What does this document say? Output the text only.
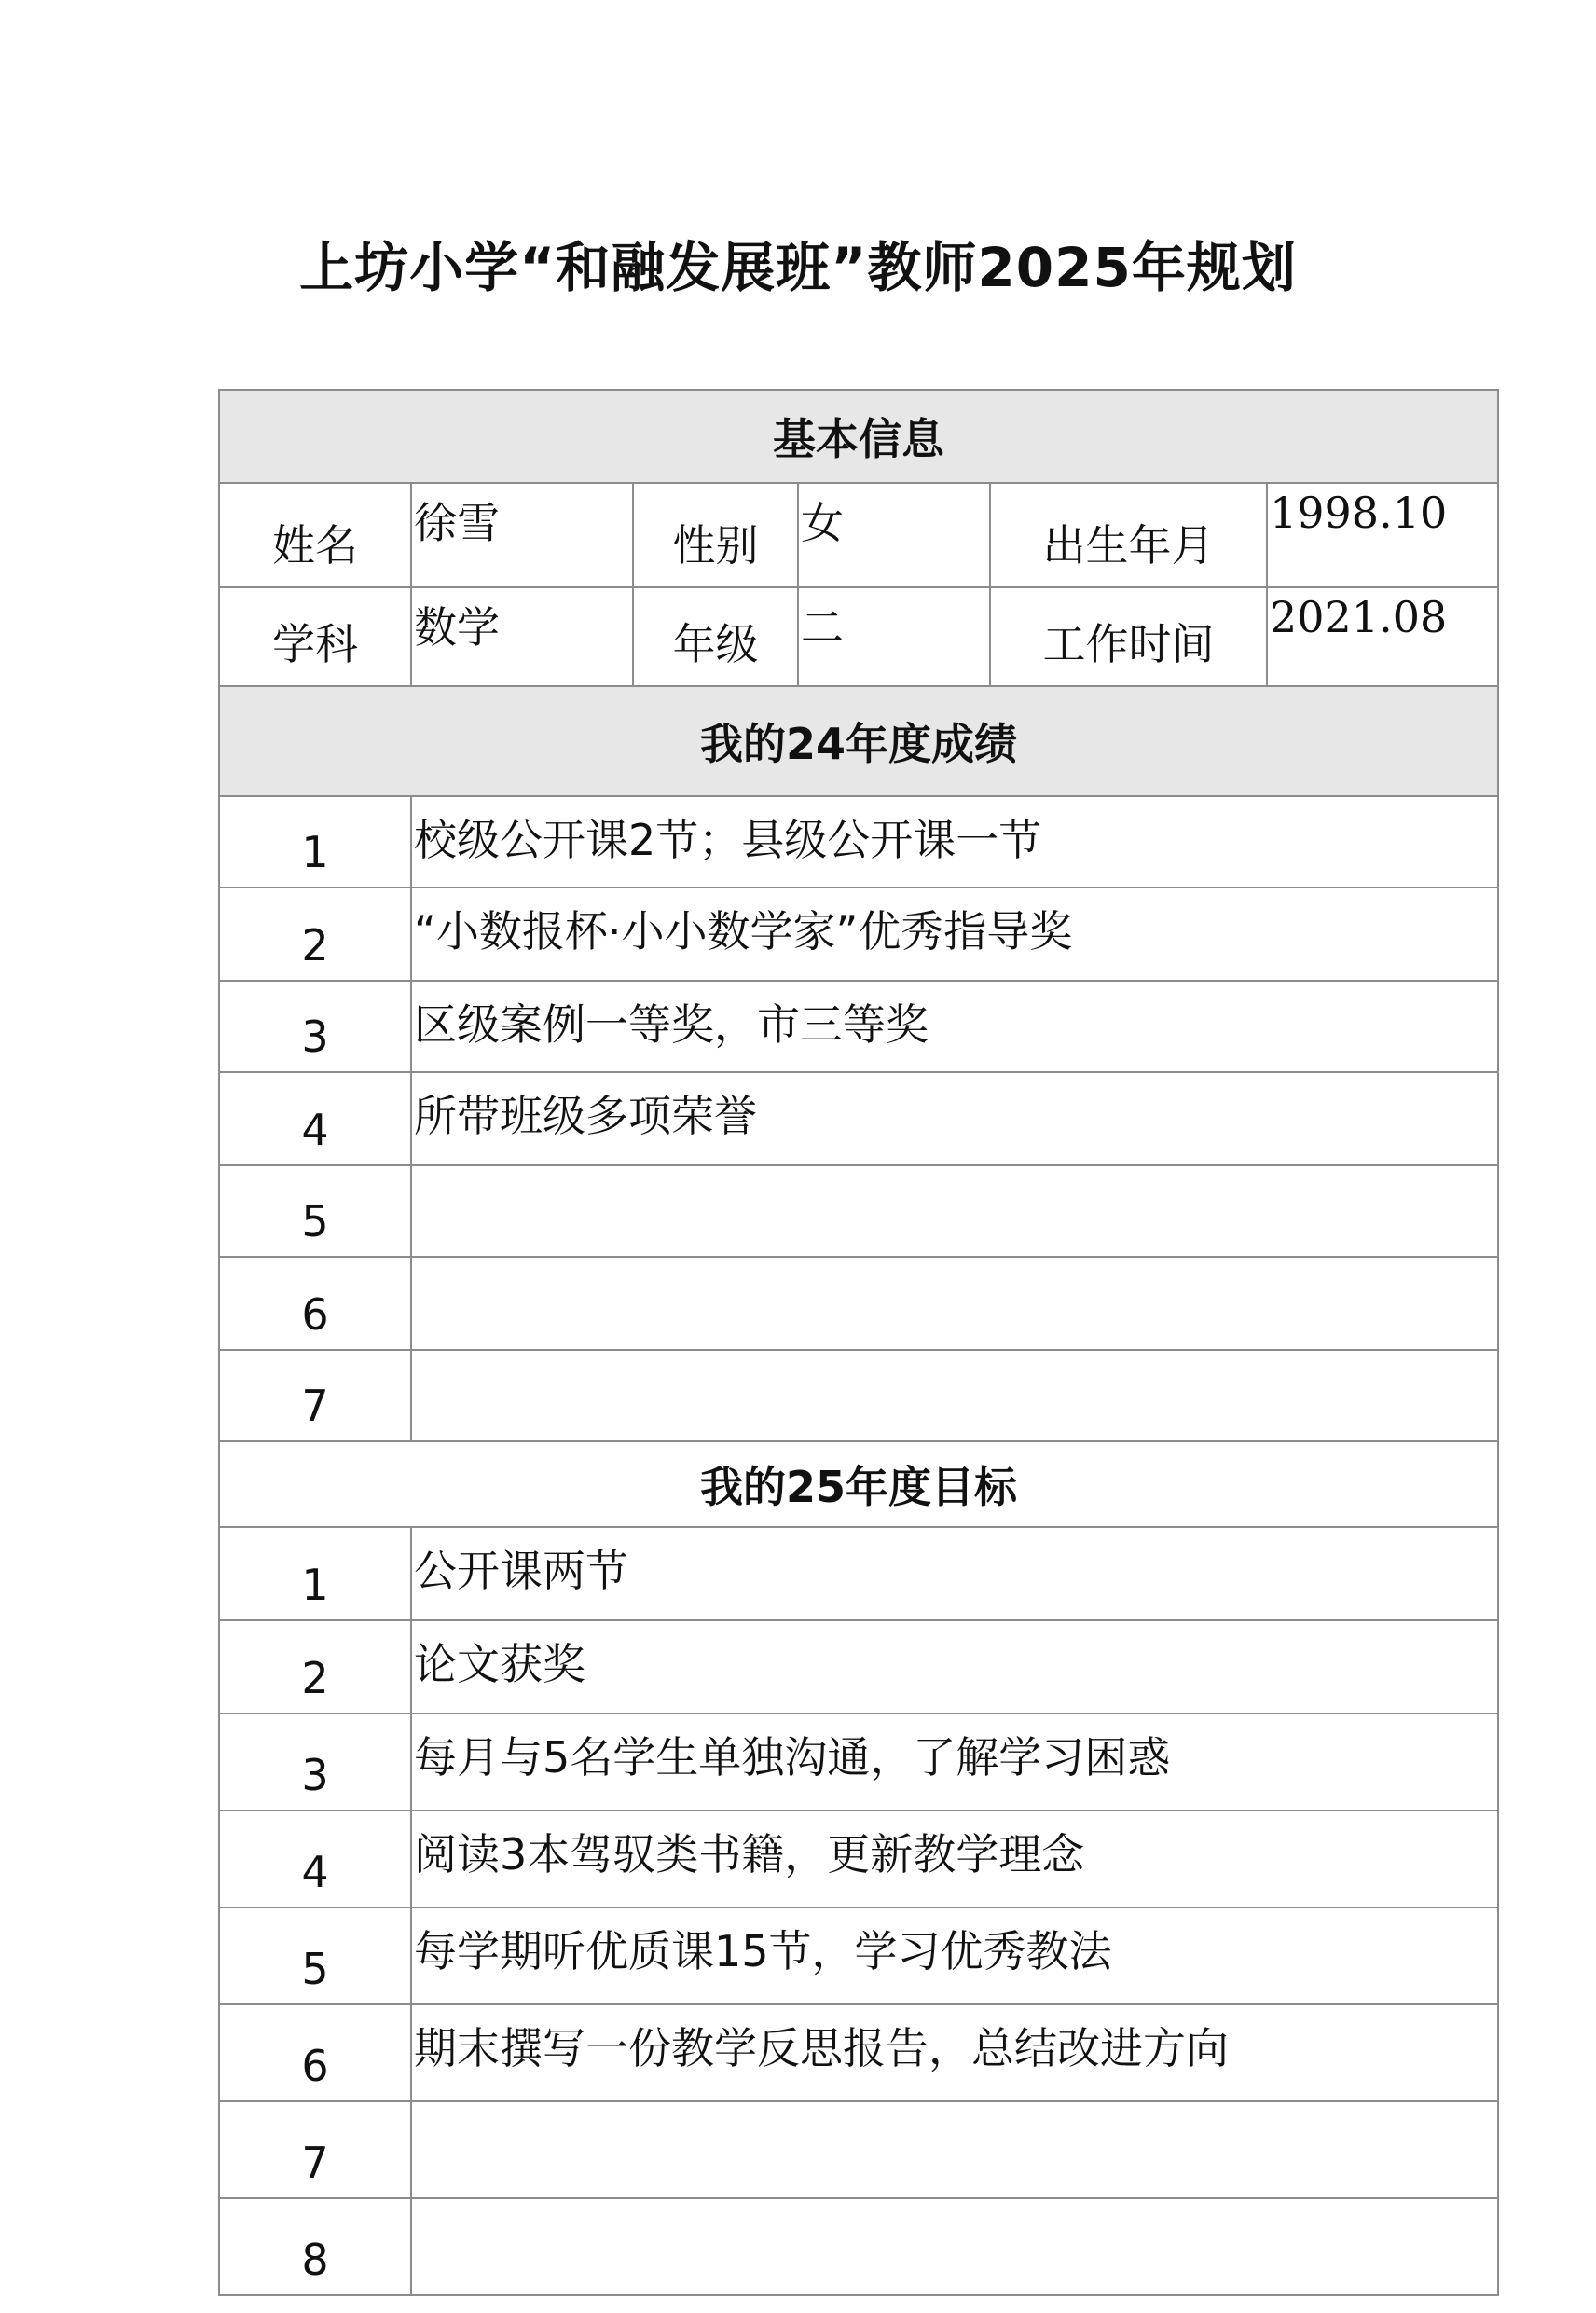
上坊小学“和融发展班”教师2025年规划
基本信息					
姓名	徐雪	性别	女	出生年月	1998.10
学科	数学	年级	二	工作时间	2021.08
我的24年度成绩					
1	校级公开课2节；县级公开课一节				
2	“小数报杯·小小数学家”优秀指导奖				
3	区级案例一等奖，市三等奖				
4	所带班级多项荣誉				
5					
6					
7					
我的25年度目标					
1	公开课两节				
2	论文获奖				
3	每月与5名学生单独沟通，了解学习困惑				
4	阅读3本驾驭类书籍，更新教学理念				
5	每学期听优质课15节，学习优秀教法				
6	期末撰写一份教学反思报告，总结改进方向				
7					
8					
